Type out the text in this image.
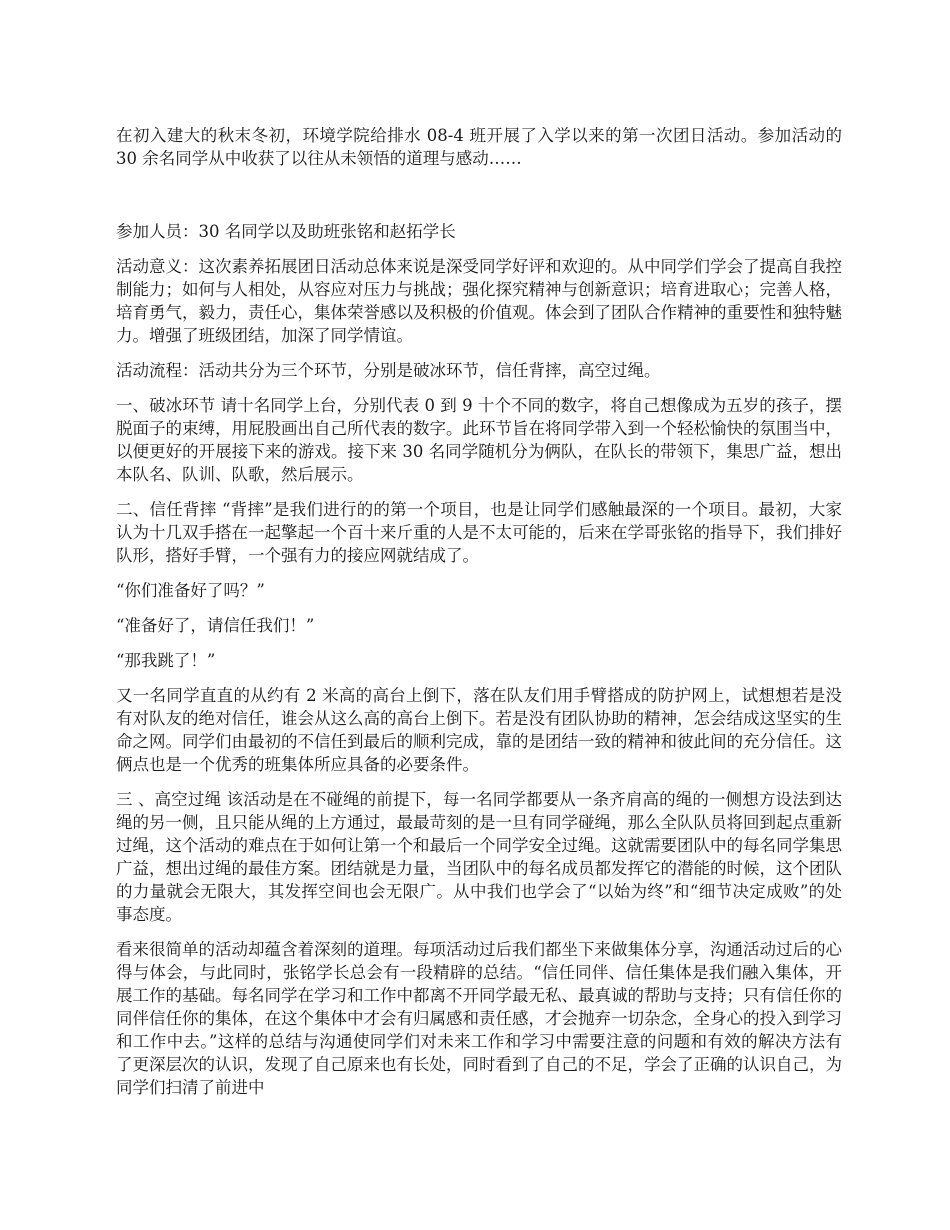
在初入建大的秋末冬初，环境学院给排水 08-4 班开展了入学以来的第一次团日活动。参加活动的 30 余名同学从中收获了以往从未领悟的道理与感动……

参加人员：30 名同学以及助班张铭和赵拓学长

活动意义：这次素养拓展团日活动总体来说是深受同学好评和欢迎的。从中同学们学会了提高自我控制能力；如何与人相处，从容应对压力与挑战；强化探究精神与创新意识；培育进取心；完善人格，培育勇气，毅力，责任心，集体荣誉感以及积极的价值观。体会到了团队合作精神的重要性和独特魅力。增强了班级团结，加深了同学情谊。

活动流程：活动共分为三个环节，分别是破冰环节，信任背摔，高空过绳。

一、破冰环节 请十名同学上台，分别代表 0 到 9 十个不同的数字，将自己想像成为五岁的孩子，摆脱面子的束缚，用屁股画出自己所代表的数字。此环节旨在将同学带入到一个轻松愉快的氛围当中，以便更好的开展接下来的游戏。接下来 30 名同学随机分为俩队，在队长的带领下，集思广益，想出本队名、队训、队歌，然后展示。

二、信任背摔 “背摔”是我们进行的的第一个项目，也是让同学们感触最深的一个项目。最初，大家认为十几双手搭在一起擎起一个百十来斤重的人是不太可能的，后来在学哥张铭的指导下，我们排好队形，搭好手臂，一个强有力的接应网就结成了。

“你们准备好了吗？”

“准备好了，请信任我们！”

“那我跳了！”

又一名同学直直的从约有 2 米高的高台上倒下，落在队友们用手臂搭成的防护网上，试想想若是没有对队友的绝对信任，谁会从这么高的高台上倒下。若是没有团队协助的精神，怎会结成这坚实的生命之网。同学们由最初的不信任到最后的顺利完成，靠的是团结一致的精神和彼此间的充分信任。这俩点也是一个优秀的班集体所应具备的必要条件。

三 、高空过绳 该活动是在不碰绳的前提下，每一名同学都要从一条齐肩高的绳的一侧想方设法到达绳的另一侧，且只能从绳的上方通过，最最苛刻的是一旦有同学碰绳，那么全队队员将回到起点重新过绳，这个活动的难点在于如何让第一个和最后一个同学安全过绳。这就需要团队中的每名同学集思广益，想出过绳的最佳方案。团结就是力量，当团队中的每名成员都发挥它的潜能的时候，这个团队的力量就会无限大，其发挥空间也会无限广。从中我们也学会了“以始为终”和“细节决定成败”的处事态度。

看来很简单的活动却蕴含着深刻的道理。每项活动过后我们都坐下来做集体分享，沟通活动过后的心得与体会，与此同时，张铭学长总会有一段精辟的总结。“信任同伴、信任集体是我们融入集体，开展工作的基础。每名同学在学习和工作中都离不开同学最无私、最真诚的帮助与支持；只有信任你的同伴信任你的集体，在这个集体中才会有归属感和责任感，才会抛弃一切杂念，全身心的投入到学习和工作中去。”这样的总结与沟通使同学们对未来工作和学习中需要注意的问题和有效的解决方法有了更深层次的认识，发现了自己原来也有长处，同时看到了自己的不足，学会了正确的认识自己，为同学们扫清了前进中
